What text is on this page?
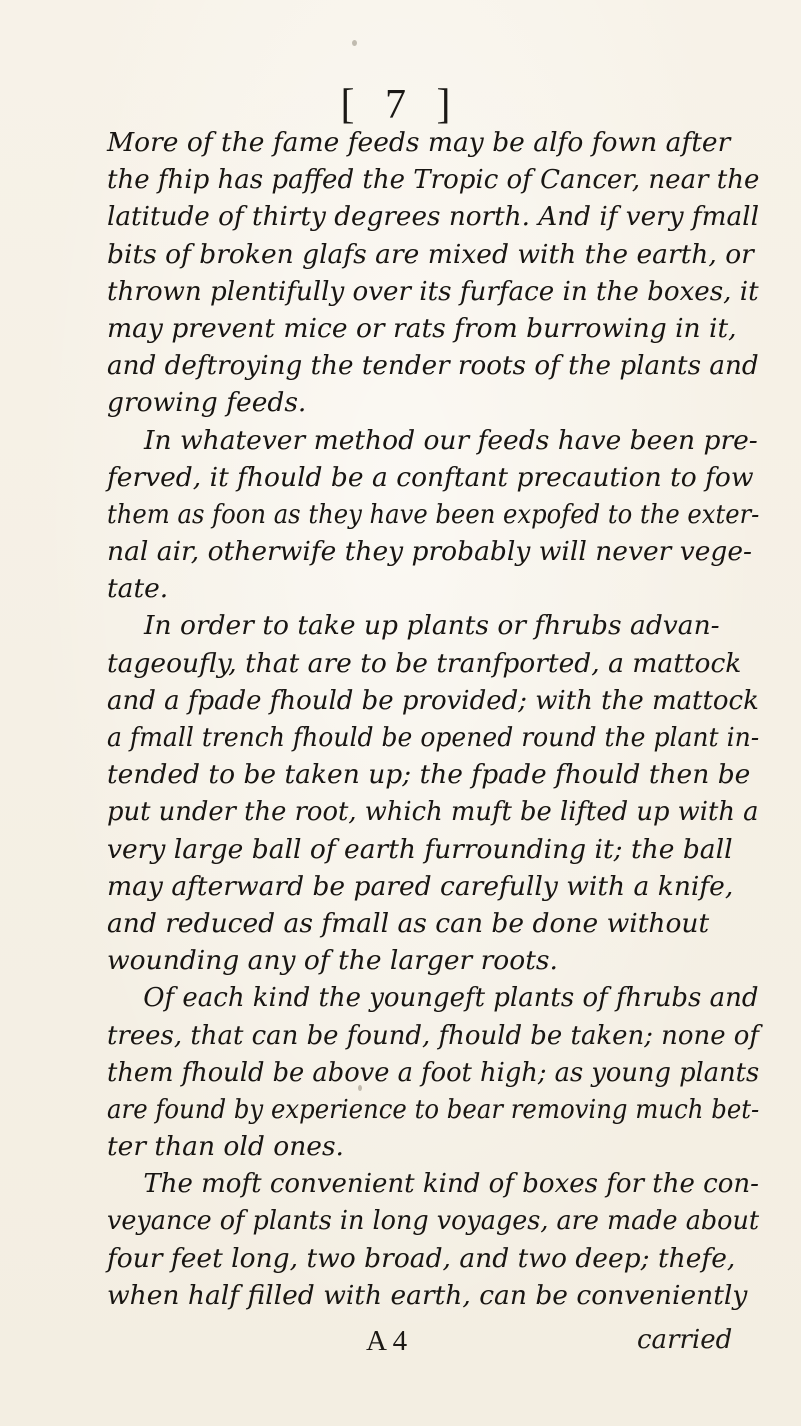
[ 7 ]
More of the fame feeds may be alfo fown after
the fhip has paffed the Tropic of Cancer, near the
latitude of thirty degrees north. And if very fmall
bits of broken glafs are mixed with the earth, or
thrown plentifully over its furface in the boxes, it
may prevent mice or rats from burrowing in it,
and deftroying the tender roots of the plants and
growing feeds.
In whatever method our feeds have been pre-
ferved, it fhould be a conftant precaution to fow
them as foon as they have been expofed to the exter-
nal air, otherwife they probably will never vege-
tate.
In order to take up plants or fhrubs advan-
tageoufly, that are to be tranfported, a mattock
and a fpade fhould be provided; with the mattock
a fmall trench fhould be opened round the plant in-
tended to be taken up; the fpade fhould then be
put under the root, which muft be lifted up with a
very large ball of earth furrounding it; the ball
may afterward be pared carefully with a knife,
and reduced as fmall as can be done without
wounding any of the larger roots.
Of each kind the youngeft plants of fhrubs and
trees, that can be found, fhould be taken; none of
them fhould be above a foot high; as young plants
are found by experience to bear removing much bet-
ter than old ones.
The moft convenient kind of boxes for the con-
veyance of plants in long voyages, are made about
four feet long, two broad, and two deep; thefe,
when half filled with earth, can be conveniently
A 4	carried
